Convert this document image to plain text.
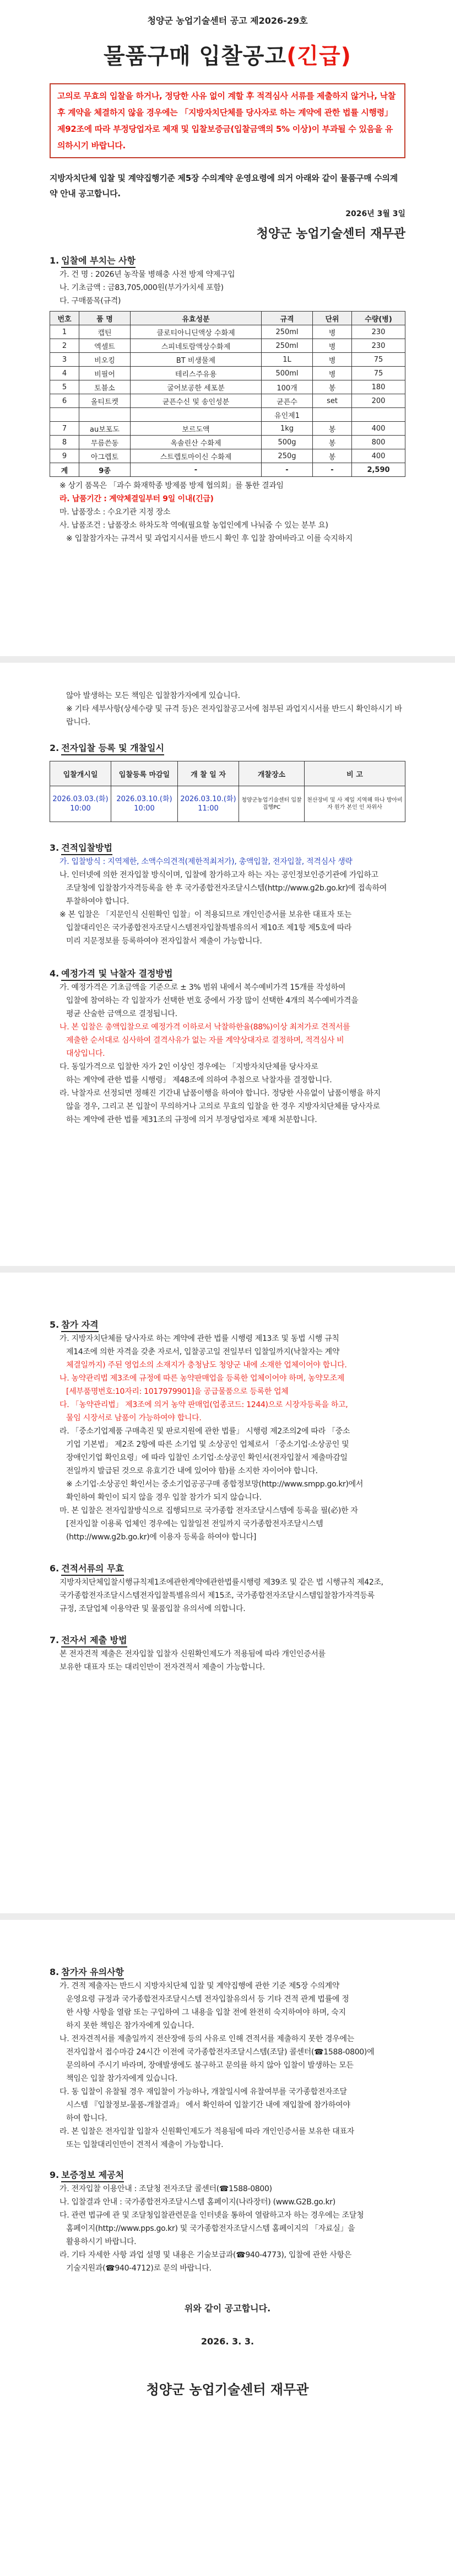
청양군 농업기술센터 공고 제2026-29호

물품구매 입찰공고(긴급)

고의로 무효의 입찰을 하거나, 정당한 사유 없이 계할 후 적격심사 서류를 제출하지 않거나, 낙찰 후 계약을 체결하지 않을 경우에는 「지방자치단체를 당사자로 하는 계약에 관한 법률 시행령」 제92조에 따라 부정당업자로 제재 및 입찰보증금(입찰금액의 5% 이상)이 부과될 수 있음을 유의하시기 바랍니다.

지방자치단체 입찰 및 계약집행기준 제5장 수의계약 운영요령에 의거 아래와 같이 물품구매 수의계약 안내 공고합니다.

2026년 3월 3일

청양군 농업기술센터 재무관

1. 입찰에 부치는 사항

가. 건 명 : 2026년 농작물 병해충 사전 방제 약제구입

나. 기초금액 : 금83,705,000원(부가가치세 포함)

다. 구매품목(규격)

번호	품 명	유효성분	규격	단위	수량(병)
1	캡틴	클로티아니딘액상 수화제	250ml	병	230
2	엑셀트	스피네토람액상수화제	250ml	병	230
3	비오킹	BT 비생물제	1L	병	75
4	비필어	테리스주유용	500ml	병	75
5	토블소	굴어보공한 세포분	100개	봉	180
6	올티트켓	균픈수신 및 송인성분	균픈수	set	200
			유인제1		
7	au보포도	보르도액	1kg	봉	400
8	무름쓴동	옥솔린산 수화제	500g	봉	800
9	아그렙토	스트렙토마이신 수화제	250g	봉	400
계	9종	-	-	-	2,590

※ 상기 품목은 「과수 화재학종 방제품 방제 협의회」를 통한 결과임

라. 납품기간 : 계약체결일부터 9일 이내(긴급)

마. 납품장소 : 수요기관 지정 장소

사. 납품조건 : 납품장소 하차도착 역에(필요할 농업인에게 나눠줌 수 있는 분부 요)

※ 입찰참가자는 규격서 및 과업지시서를 반드시 확인 후 입찰 참여바라고 이를 숙지하지

않아 발생하는 모든 책임은 입찰참가자에게 있습니다.

※ 기타 세부사항(상세수량 및 규격 등)은 전자입찰공고서에 첨부된 과업지시서를 반드시 확인하시기 바랍니다.

2. 전자입찰 등록 및 개찰일시
입찰개시일	입찰등록 마감일	개 찰 일 자	개찰장소	비 고
2026.03.03.(화) 10:00	2026.03.10.(화) 10:00	2026.03.10.(화) 11:00	청양군농업기술센터 입찰집행PC	천산장비 및 사 제일 지역해 하나 방아비자 원가 본인 인 차위사
3. 견적입찰방법

가. 입찰방식 : 지역제한, 소액수의견적(제한적최저가), 총액입찰, 전자입찰, 적격심사 생략

나. 인터넷에 의한 전자입찰 방식이며, 입찰에 참가하고자 하는 자는 공인정보인증기관에 가입하고

조달청에 입찰참가자격등록을 한 후 국가종합전자조달시스템(http://www.g2b.go.kr)에 접속하여

투찰하여야 합니다.

※ 본 입찰은 「지문인식 신원확인 입찰」이 적용되므로 개인인증서를 보유한 대표자 또는

입찰대리인은 국가종합전자조달시스템전자입찰특별유의서 제10조 제1항 제5호에 따라

미리 지문정보를 등록하여야 전자입찰서 제출이 가능합니다.

4. 예정가격 및 낙찰자 결정방법

가. 예정가격은 기초금액을 기준으로 ± 3% 범위 내에서 복수예비가격 15개를 작성하여

입찰에 참여하는 각 입찰자가 선택한 번호 중에서 가장 많이 선택한 4개의 복수예비가격을

평균 산술한 금액으로 결정됩니다.

나. 본 입찰은 총액입찰으로 예정가격 이하로서 낙찰하한율(88%)이상 최저가로 견적서를

제출한 순서대로 심사하여 결격사유가 없는 자를 계약상대자로 결정하며, 적격심사 비

대상입니다.

다. 동일가격으로 입찰한 자가 2인 이상인 경우에는 「지방자치단체를 당사자로

하는 계약에 관한 법률 시행령」 제48조에 의하여 추첨으로 낙찰자를 결정합니다.

라. 낙찰자로 선정되면 정해진 기간내 납품이행을 하여야 합니다. 정당한 사유없이 납품이행을 하지

않을 경우, 그리고 본 입찰이 무의하거나 고의로 무효의 입찰을 한 경우 지방자치단체를 당사자로

하는 계약에 관한 법률 제31조의 규정에 의거 부정당업자로 제재 처분합니다.

5. 참가 자격

가. 지방자치단체를 당사자로 하는 계약에 관한 법률 시행령 제13조 및 동법 시행 규칙

제14조에 의한 자격을 갖춘 자로서, 입찰공고일 전일부터 입찰일까지(낙찰자는 계약

체결일까지) 주된 영업소의 소재지가 충청남도 청양군 내에 소재한 업체이어야 합니다.

나. 농약관리법 제3조에 규정에 따른 농약판매업을 등록한 업체이어야 하며, 농약모조제

[세부품명번호:10자리: 1017979901]을 공급물품으로 등록한 업체

다. 「농약관리법」 제3조에 의거 농약 판매업(업종코드: 1244)으로 시장자등록을 하고,

물임 시장서로 남품이 가능하여야 합니다.

라. 「중소기업제품 구매촉진 및 판로지원에 관한 법률」 시행령 제2조의2에 따라 「중소

기업 기본법」 제2조 2항에 따른 소기업 및 소상공인 업체로서 「중소기업·소상공인 및

장애인기업 확인요령」에 따라 입찰인 소기업·소상공인 확인서(전자입찰서 제출마감일

전일까지 발급된 것으로 유효기간 내에 있어야 함)를 소지한 자이어야 합니다.

※ 소기업·소상공인 확인서는 중소기업공공구매 종합정보망(http://www.smpp.go.kr)에서

확인하여 확인이 되지 않을 경우 입찰 참가가 되지 않습니다.

마. 본 입찰은 전자입찰방식으로 집행되므로 국가종합 전자조달시스템에 등록을 필(必)한 자

[전자입찰 이용록 업체인 경우에는 입찰일전 전일까지 국가종합전자조달시스템

(http://www.g2b.go.kr)에 이용자 등록을 하여야 합니다]

6. 견적서류의 무효

지방자치단체입찰시행규칙제1조에관한계약에관한법률시행령 제39조 및 같은 법 시행규칙 제42조,

국가종합전자조달시스템전자입찰특별유의서 제15조, 국가종합전자조달시스템입찰참가자격등록

규정, 조달업체 이용약관 및 물품입찰 유의서에 의합니다.

7. 전자서 제출 방법

본 전자견적 제출은 전자입찰 입찰자 신원확인제도가 적용됨에 따라 개인인증서를

보유한 대표자 또는 대리인만이 전자견적서 제출이 가능합니다.

8. 참가자 유의사항

가. 견적 제출자는 반드시 지방자치단체 입찰 및 계약집행에 관한 기준 제5장 수의계약

운영요령 규정과 국가종합전자조달시스템 전자입찰유의서 등 기타 견적 관계 법률에 정

한 사항 사항을 열람 또는 구입하여 그 내용을 입찰 전에 완전히 숙지하여야 하며, 숙지

하지 못한 책임은 참가자에게 있습니다.

나. 전자견적서를 제출일까지 전산장애 등의 사유로 인해 견적서를 제출하지 못한 경우에는

전자입찰서 접수마감 24시간 이전에 국가종합전자조달시스템(조달) 콜센터(☎1588-0800)에

문의하여 주시기 바라며, 장애발생에도 불구하고 문의를 하지 않아 입찰이 발생하는 모든

책임은 입찰 참가자에게 있습니다.

다. 동 입찰이 유찰될 경우 재입찰이 가능하나, 개찰일시에 유찰여부를 국가종합전자조달

시스템 『입찰정보-물품-개찰결과』 에서 확인하여 입찰기간 내에 재입찰에 참가하여야

하여 합니다.

라. 본 입찰은 전자입찰 입찰자 신원확인제도가 적용됨에 따라 개인인증서를 보유한 대표자

또는 입찰대리인만이 견적서 제출이 가능합니다.

9. 보증정보 제공처

가. 전자입찰 이용안내 : 조달청 전자조달 콜센터(☎1588-0800)

나. 입찰결과 안내 : 국가종합전자조달시스템 홈페이지(나라장터) (www.G2B.go.kr)

다. 관련 법규에 관 및 조달청입찰관련문을 인터넷을 통하여 열람하고자 하는 경우에는 조달청

홈페이지(http://www.pps.go.kr) 및 국가종합전자조달시스템 홈페이지의 「자료실」을

활용하시기 바랍니다.

라. 기타 자세한 사항 과업 설명 및 내용은 기술보급과(☎940-4773), 입찰에 관한 사항은

기술지원과(☎940-4712)로 문의 바랍니다.

위와 같이 공고합니다.

2026. 3. 3.

청양군 농업기술센터 재무관
